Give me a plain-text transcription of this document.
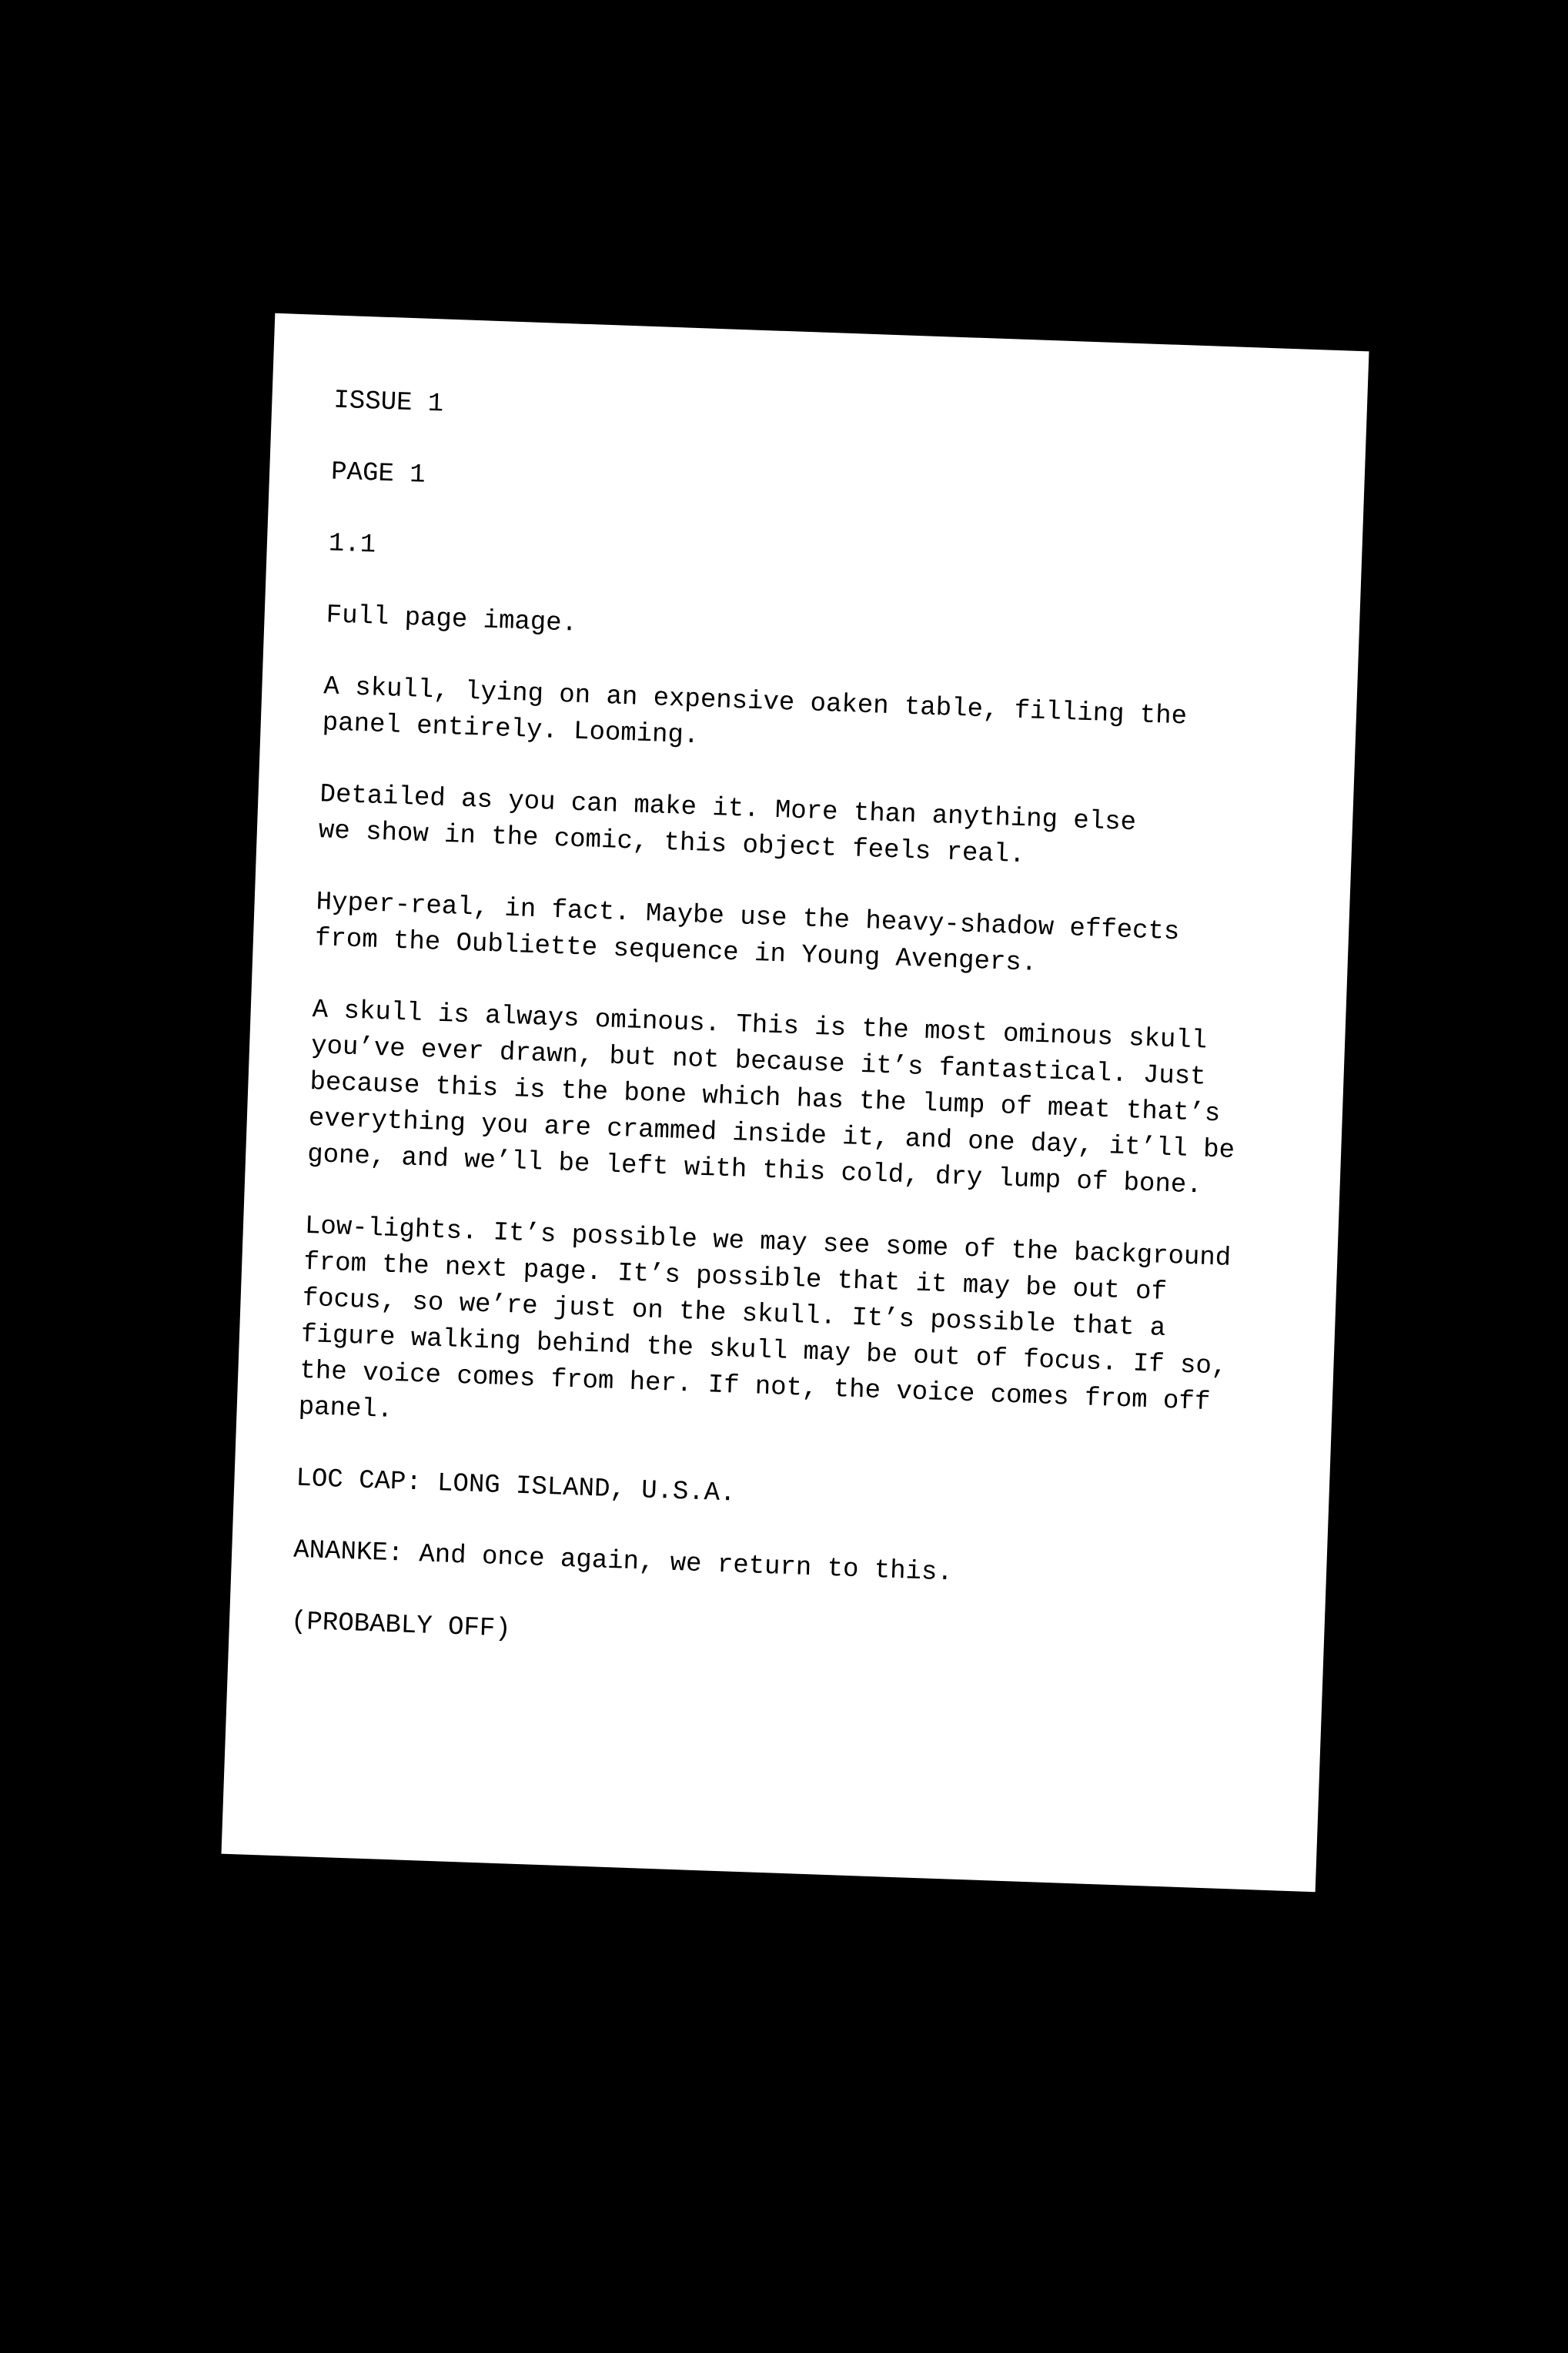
ISSUE 1

PAGE 1

1.1

Full page image.

A skull, lying on an expensive oaken table, filling the
panel entirely. Looming.

Detailed as you can make it. More than anything else
we show in the comic, this object feels real.

Hyper-real, in fact. Maybe use the heavy-shadow effects
from the Oubliette sequence in Young Avengers.

A skull is always ominous. This is the most ominous skull
you’ve ever drawn, but not because it’s fantastical. Just
because this is the bone which has the lump of meat that’s
everything you are crammed inside it, and one day, it’ll be
gone, and we’ll be left with this cold, dry lump of bone.

Low-lights. It’s possible we may see some of the background
from the next page. It’s possible that it may be out of
focus, so we’re just on the skull. It’s possible that a
figure walking behind the skull may be out of focus. If so,
the voice comes from her. If not, the voice comes from off
panel.

LOC CAP: LONG ISLAND, U.S.A.

ANANKE: And once again, we return to this.

(PROBABLY OFF)
